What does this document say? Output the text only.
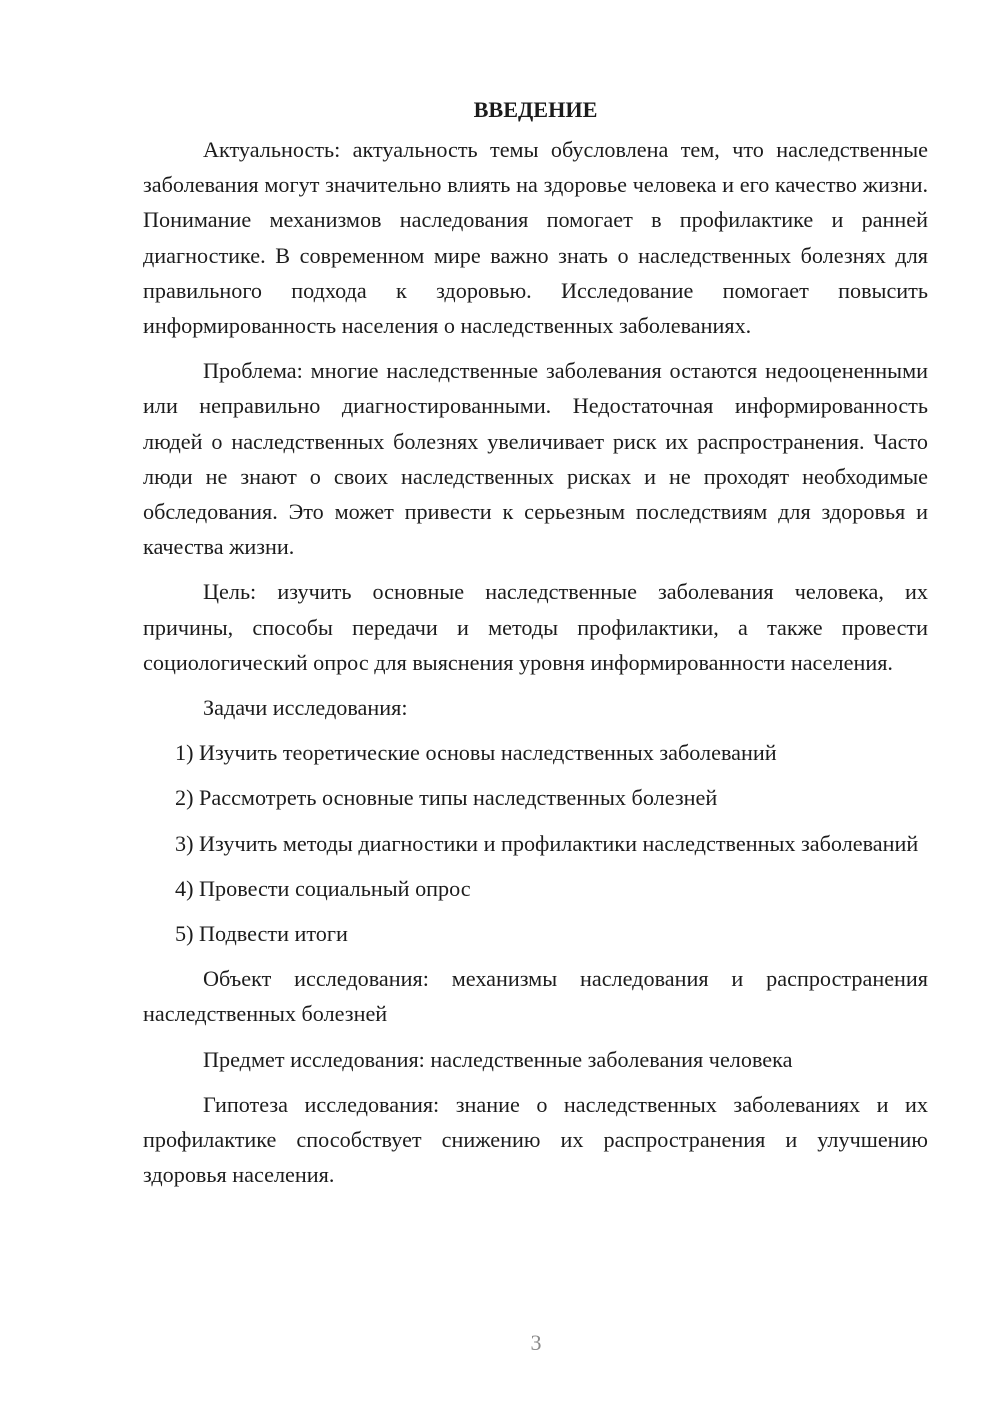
ВВЕДЕНИЕ

Актуальность: актуальность темы обусловлена тем, что наследственные заболевания могут значительно влиять на здоровье человека и его качество жизни. Понимание механизмов наследования помогает в профилактике и ранней диагностике. В современном мире важно знать о наследственных болезнях для правильного подхода к здоровью. Исследование помогает повысить информированность населения о наследственных заболеваниях.

Проблема: многие наследственные заболевания остаются недооцененными или неправильно диагностированными. Недостаточная информированность людей о наследственных болезнях увеличивает риск их распространения. Часто люди не знают о своих наследственных рисках и не проходят необходимые обследования. Это может привести к серьезным последствиям для здоровья и качества жизни.

Цель: изучить основные наследственные заболевания человека, их причины, способы передачи и методы профилактики, а также провести социологический опрос для выяснения уровня информированности населения.

Задачи исследования:

1) Изучить теоретические основы наследственных заболеваний

2) Рассмотреть основные типы наследственных болезней

3) Изучить методы диагностики и профилактики наследственных заболеваний

4) Провести социальный опрос

5) Подвести итоги

Объект исследования: механизмы наследования и распространения наследственных болезней

Предмет исследования: наследственные заболевания человека

Гипотеза исследования: знание о наследственных заболеваниях и их профилактике способствует снижению их распространения и улучшению здоровья населения.

3
